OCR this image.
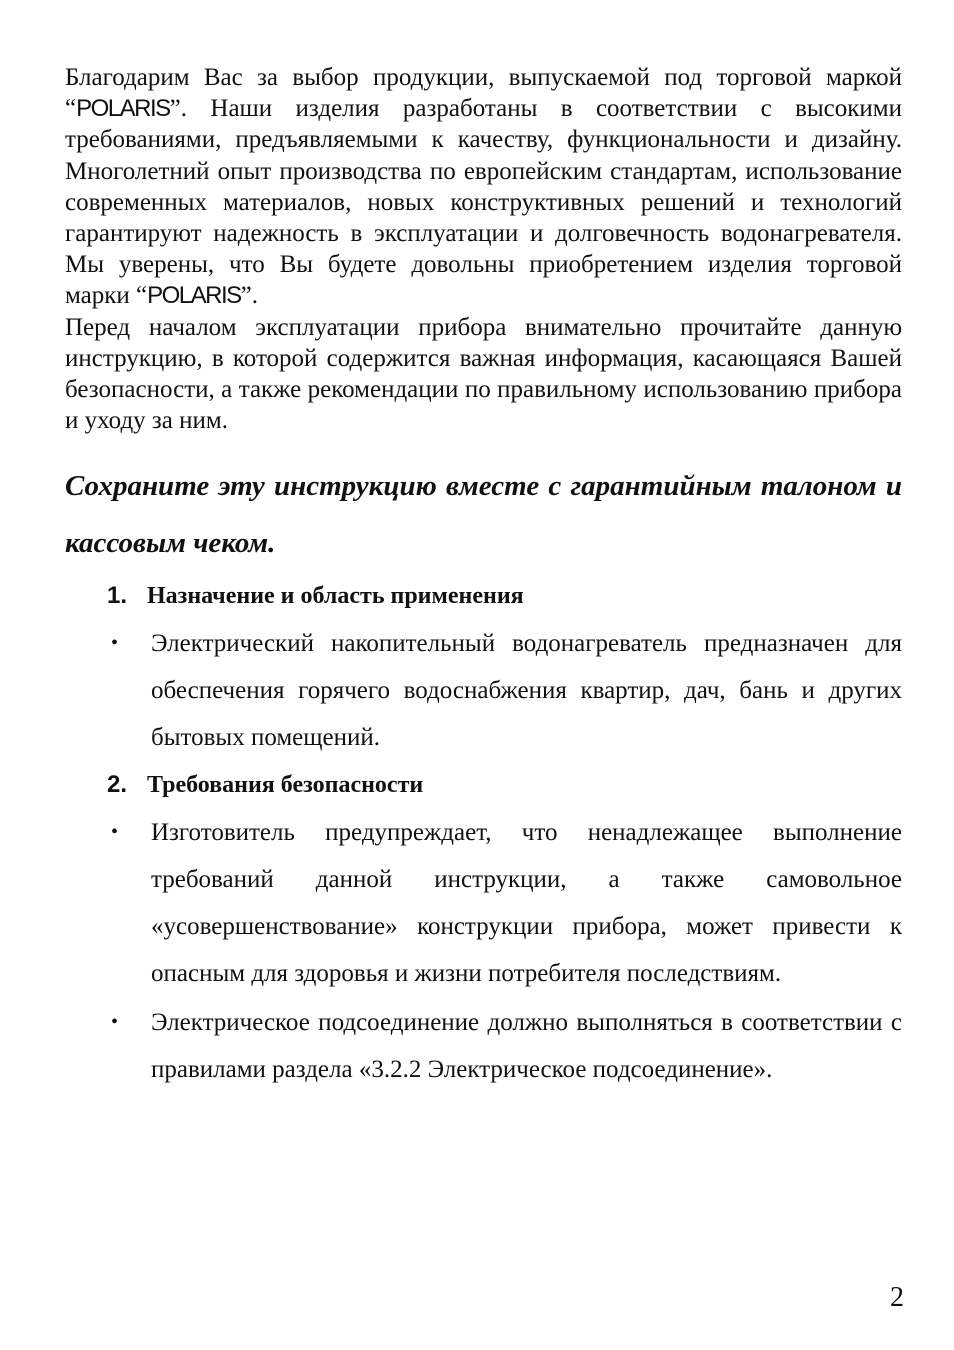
Благодарим Вас за выбор продукции, выпускаемой под торговой маркой “POLARIS”. Наши изделия разработаны в соответствии с высокими требованиями, предъявляемыми к качеству, функциональности и дизайну. Многолетний опыт производства по европейским стандартам, использование современных материалов, новых конструктивных решений и технологий гарантируют надежность в эксплуатации и долговечность водонагревателя. Мы уверены, что Вы будете довольны приобретением изделия торговой марки “POLARIS”.

Перед началом эксплуатации прибора внимательно прочитайте данную инструкцию, в которой содержится важная информация, касающаяся Вашей безопасности, а также рекомендации по правильному использованию прибора и уходу за ним.

Сохраните эту инструкцию вместе с гарантийным талоном и кассовым чеком.
1. Назначение и область применения
• Электрический накопительный водонагреватель предназначен для обеспечения горячего водоснабжения квартир, дач, бань и других бытовых помещений.
2. Требования безопасности
• Изготовитель предупреждает, что ненадлежащее выполнение требований данной инструкции, а также самовольное «усовершенствование» конструкции прибора, может привести к опасным для здоровья и жизни потребителя последствиям.
• Электрическое подсоединение должно выполняться в соответствии с правилами раздела «3.2.2 Электрическое подсоединение».
2
